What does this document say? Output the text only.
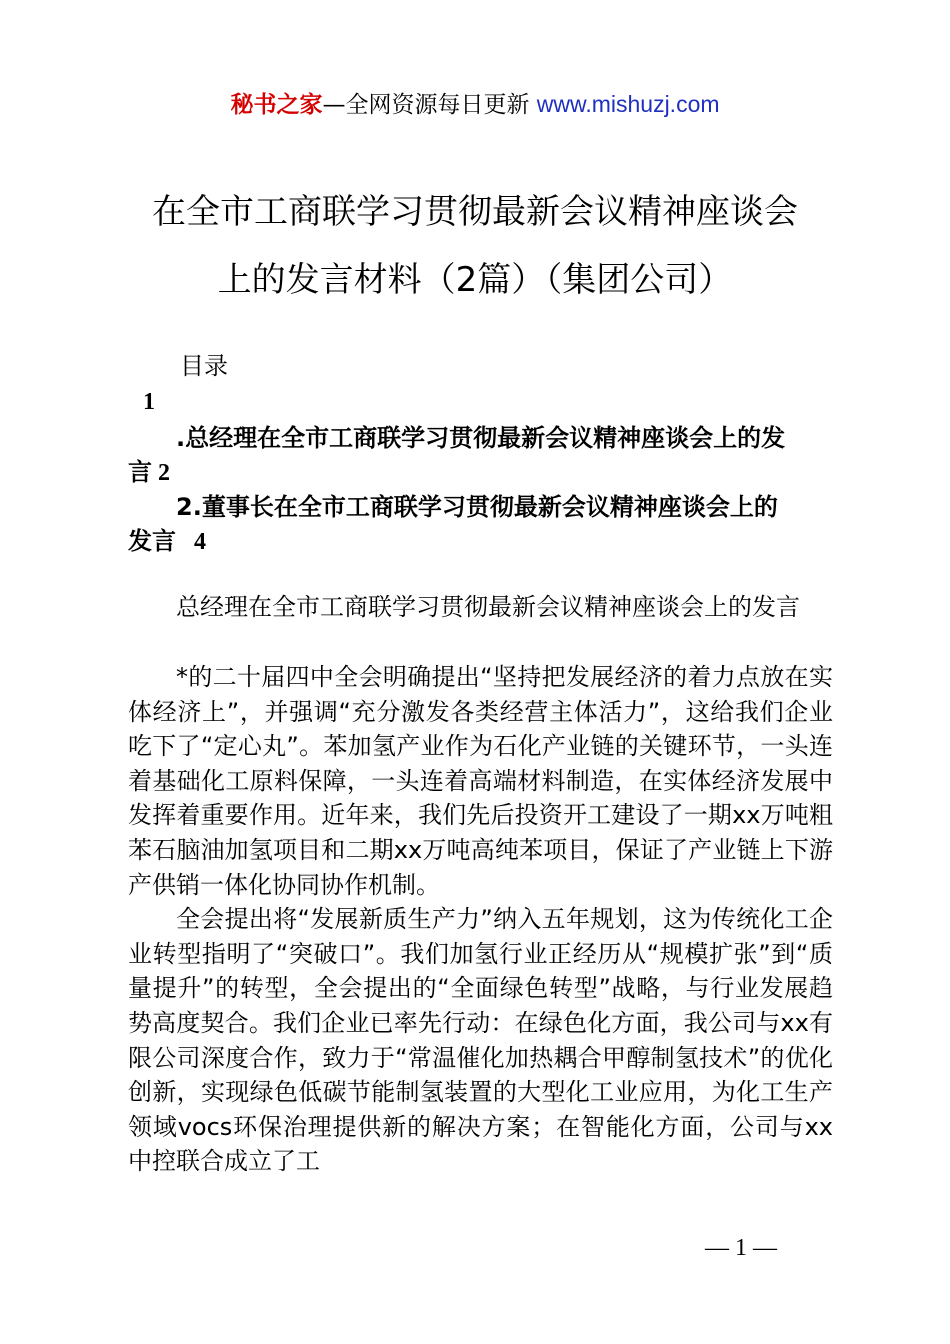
秘书之家—全网资源每日更新 www.mishuzj.com
在全市工商联学习贯彻最新会议精神座谈会
上的发言材料（2篇）（集团公司）
目录
1
.总经理在全市工商联学习贯彻最新会议精神座谈会上的发
言 2
2.董事长在全市工商联学习贯彻最新会议精神座谈会上的
发言 4

总经理在全市工商联学习贯彻最新会议精神座谈会上的发言

*的二十届四中全会明确提出“坚持把发展经济的着力点放在实体经济上”，并强调“充分激发各类经营主体活力”，这给我们企业吃下了“定心丸”。苯加氢产业作为石化产业链的关键环节，一头连着基础化工原料保障，一头连着高端材料制造，在实体经济发展中发挥着重要作用。近年来，我们先后投资开工建设了一期xx万吨粗苯石脑油加氢项目和二期xx万吨高纯苯项目，保证了产业链上下游产供销一体化协同协作机制。

全会提出将“发展新质生产力”纳入五年规划，这为传统化工企业转型指明了“突破口”。我们加氢行业正经历从“规模扩张”到“质量提升”的转型，全会提出的“全面绿色转型”战略，与行业发展趋势高度契合。我们企业已率先行动：在绿色化方面，我公司与xx有限公司深度合作，致力于“常温催化加热耦合甲醇制氢技术”的优化创新，实现绿色低碳节能制氢装置的大型化工业应用，为化工生产领域vocs环保治理提供新的解决方案；在智能化方面，公司与xx中控联合成立了工

— 1 —
